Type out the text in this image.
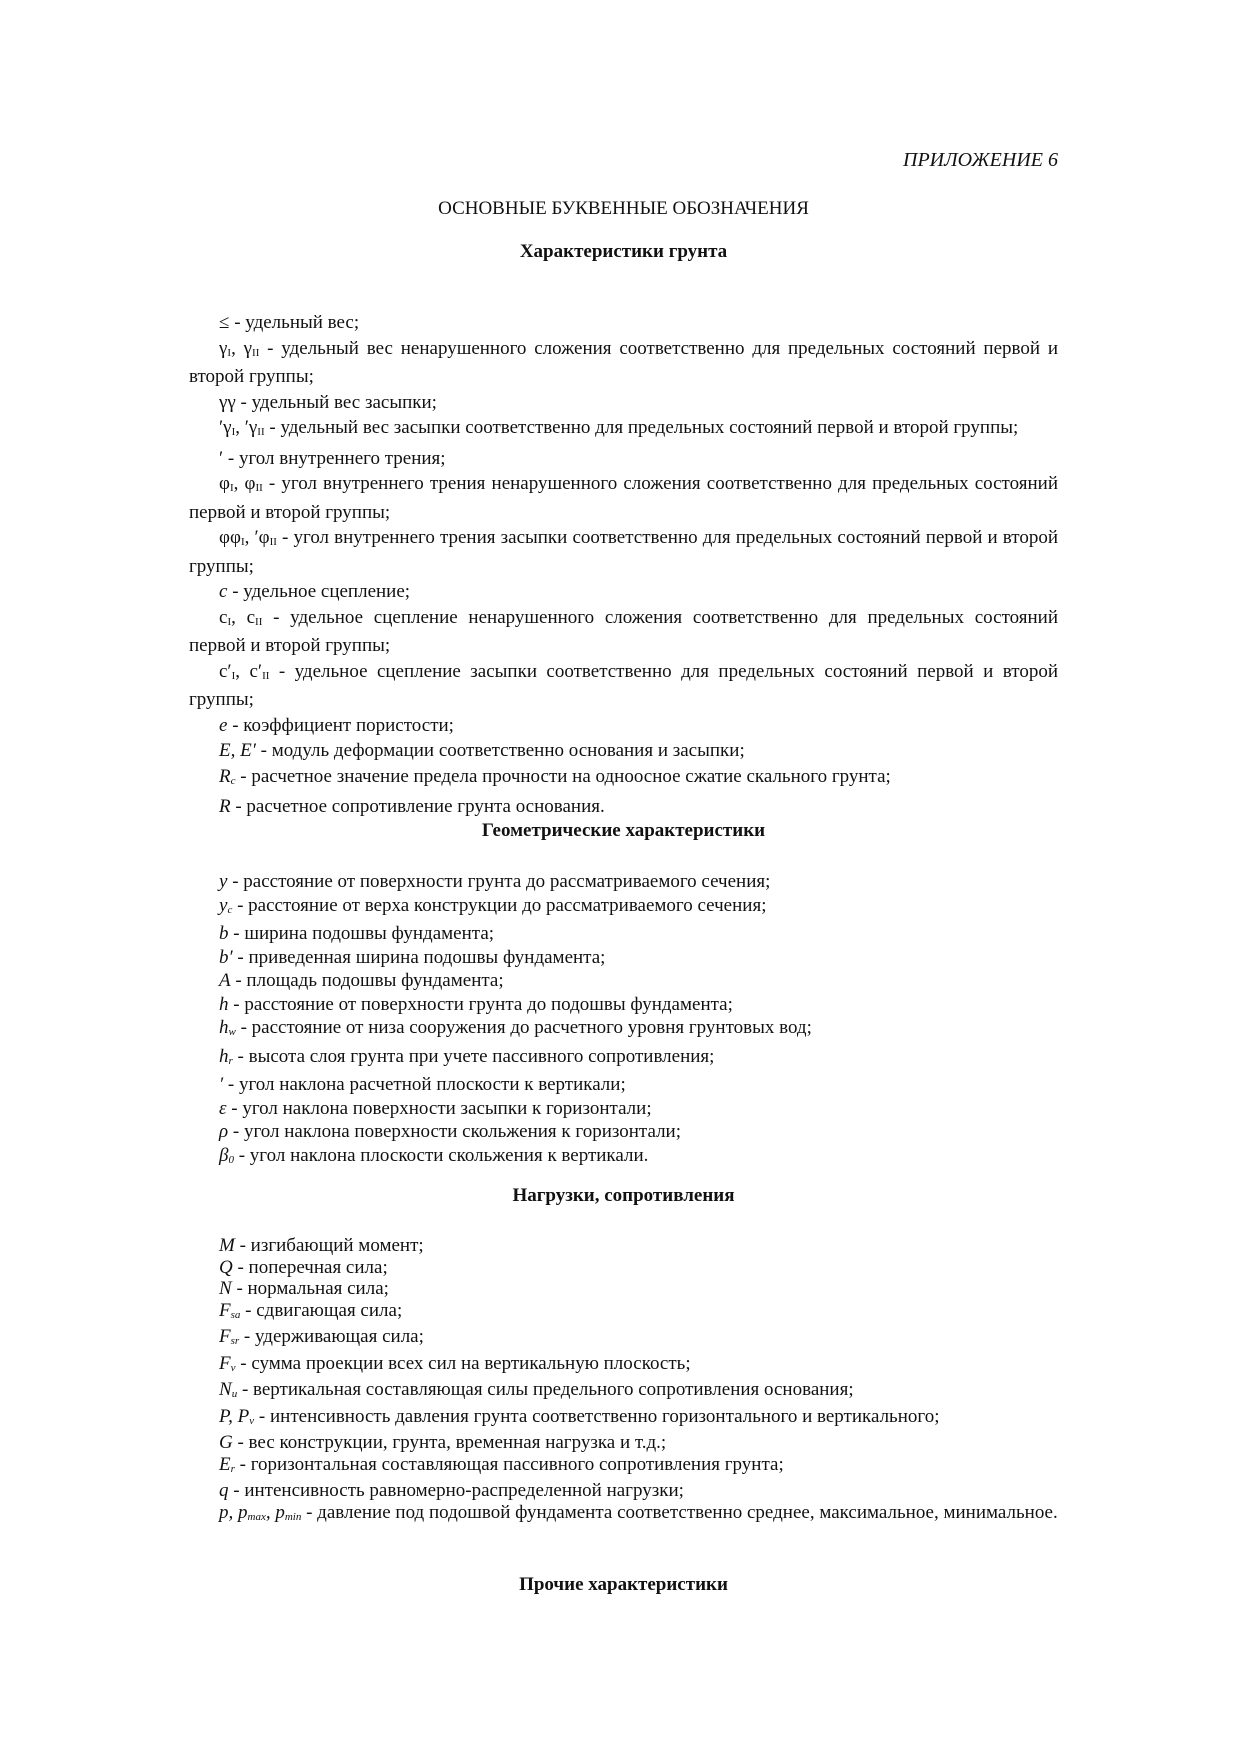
ПРИЛОЖЕНИЕ 6
ОСНОВНЫЕ БУКВЕННЫЕ ОБОЗНАЧЕНИЯ
Характеристики грунта

≤ - удельный вес;

γI, γII - удельный вес ненарушенного сложения соответственно для предельных состояний первой и второй группы;

γγ - удельный вес засыпки;

′γI, ′γII - удельный вес засыпки соответственно для предельных состояний первой и второй группы;

′ - угол внутреннего трения;

φI, φII - угол внутреннего трения ненарушенного сложения соответственно для предельных состояний первой и второй группы;

φφI, ′φII - угол внутреннего трения засыпки соответственно для предельных состояний первой и второй группы;

c - удельное сцепление;

cI, cII - удельное сцепление ненарушенного сложения соответственно для предельных состояний первой и второй группы;

c′I, c′II - удельное сцепление засыпки соответственно для предельных состояний первой и второй группы;

e - коэффициент пористости;

E, E′ - модуль деформации соответственно основания и засыпки;

Rc - расчетное значение предела прочности на одноосное сжатие скального грунта;

R - расчетное сопротивление грунта основания.

Геометрические характеристики

y - расстояние от поверхности грунта до рассматриваемого сечения;

yc - расстояние от верха конструкции до рассматриваемого сечения;

b - ширина подошвы фундамента;

b′ - приведенная ширина подошвы фундамента;

A - площадь подошвы фундамента;

h - расстояние от поверхности грунта до подошвы фундамента;

hw - расстояние от низа сооружения до расчетного уровня грунтовых вод;

hr - высота слоя грунта при учете пассивного сопротивления;

′ - угол наклона расчетной плоскости к вертикали;

ε - угол наклона поверхности засыпки к горизонтали;

ρ - угол наклона поверхности скольжения к горизонтали;

β0 - угол наклона плоскости скольжения к вертикали.

Нагрузки, сопротивления

M - изгибающий момент;

Q - поперечная сила;

N - нормальная сила;

Fsa - сдвигающая сила;

Fsr - удерживающая сила;

Fv - сумма проекции всех сил на вертикальную плоскость;

Nu - вертикальная составляющая силы предельного сопротивления основания;

P, Pv - интенсивность давления грунта соответственно горизонтального и вертикального;

G - вес конструкции, грунта, временная нагрузка и т.д.;

Er - горизонтальная составляющая пассивного сопротивления грунта;

q - интенсивность равномерно-распределенной нагрузки;

p, pmax, pmin - давление под подошвой фундамента соответственно среднее, максимальное, минимальное.

Прочие характеристики
